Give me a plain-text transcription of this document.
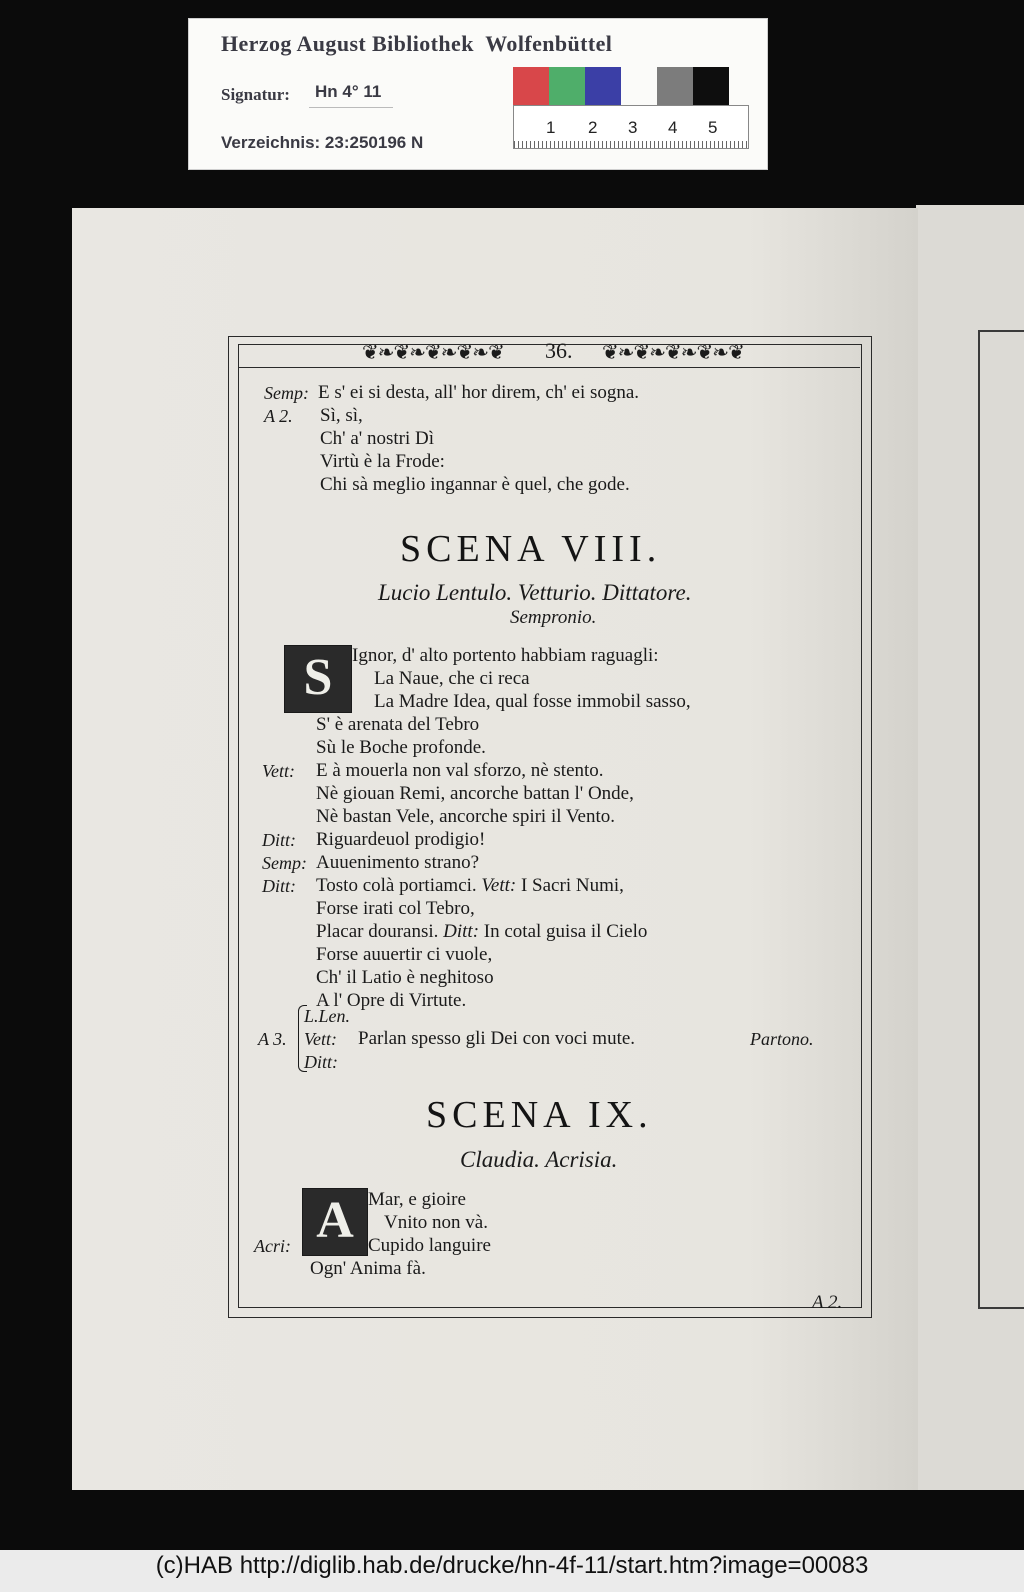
Herzog August Bibliothek  Wolfenbüttel
Signatur: Hn 4° 11
Verzeichnis: 23:250196 N
1 2 3 4 5
❦❧❦❧❦❧❦❧❦ 36. ❦❧❦❧❦❧❦❧❦
Semp: E s' ei si desta, all' hor direm, ch' ei sogna.
A 2. Sì, sì,
Ch' a' nostri Dì
Virtù è la Frode:
Chi sà meglio ingannar è quel, che gode.
SCENA VIII.
Lucio Lentulo. Vetturio. Dittatore.
Sempronio.
S	Ignor, d' alto portento habbiam raguagli:
La Naue, che ci reca
La Madre Idea, qual fosse immobil sasso,
S' è arenata del Tebro
Sù le Boche profonde.
Vett: E à mouerla non val sforzo, nè stento.
Nè giouan Remi, ancorche battan l' Onde,
Nè bastan Vele, ancorche spiri il Vento.
Ditt: Riguardeuol prodigio!
Semp: Auuenimento strano?
Ditt: Tosto colà portiamci. Vett: I Sacri Numi,
Forse irati col Tebro,
Placar douransi. Ditt: In cotal guisa il Cielo
Forse auuertir ci vuole,
Ch' il Latio è neghitoso
A l' Opre di Virtute.
L.Len.
A 3. Vett: Parlan spesso gli Dei con voci mute.	Partono.
Ditt:
SCENA IX.
Claudia. Acrisia.
A Mar, e gioire
Vnito non và.
Acri:	Cupido languire
Ogn' Anima fà.
A 2.
(c)HAB http://diglib.hab.de/drucke/hn-4f-11/start.htm?image=00083
